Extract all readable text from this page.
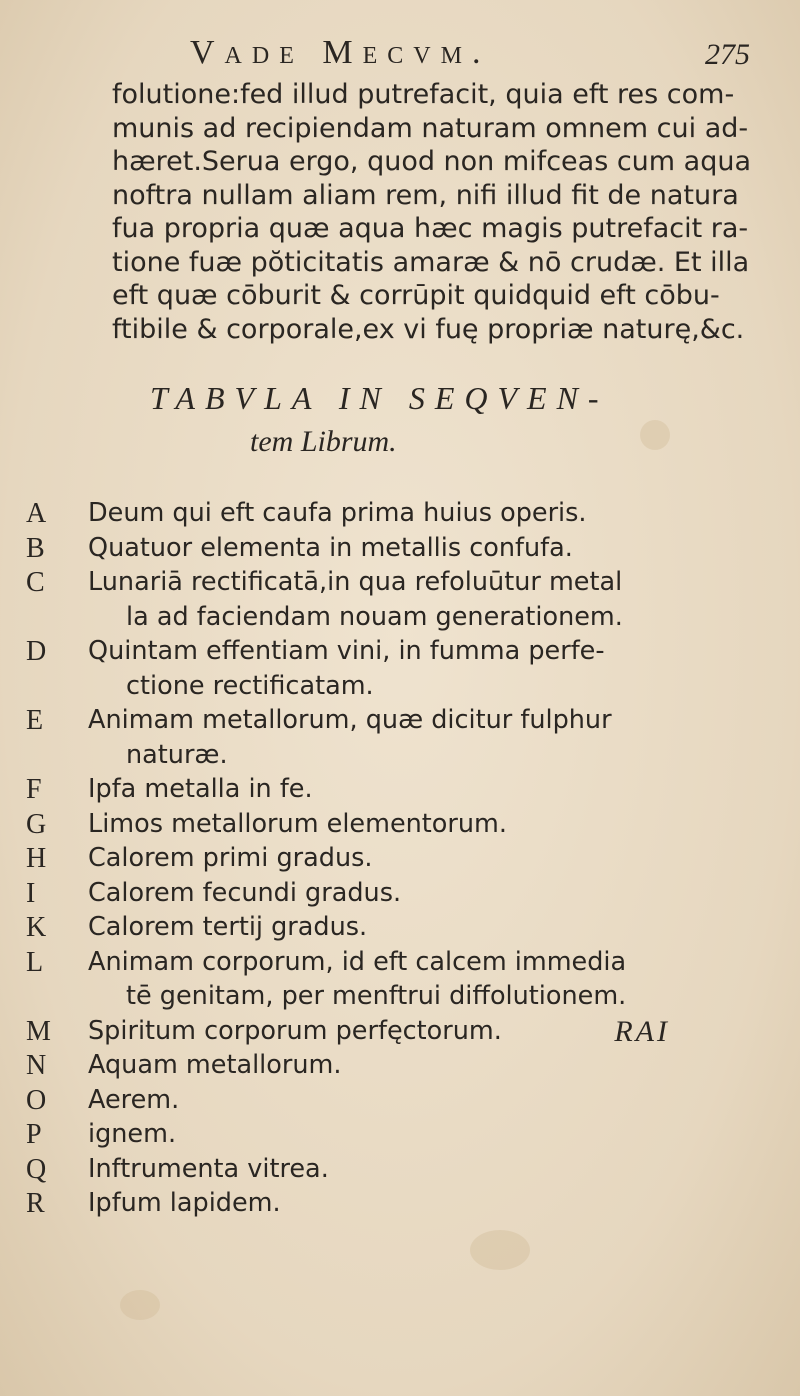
Vade Mecvm.	275
folutione:fed illud putrefacit, quia eft res com-
munis ad recipiendam naturam omnem cui ad-
hæret.Serua ergo, quod non mifceas cum aqua
noftra nullam aliam rem, nifi illud fit de natura
fua propria quæ aqua hæc magis putrefacit ra-
tione fuæ pŏticitatis amaræ & nō crudæ. Et illa
eft quæ cōburit & corrūpit quidquid eft cōbu-
ftibile & corporale,ex vi fuę propriæ naturę,&c.
TABVLA IN SEQVEN-
tem Librum.
A	Deum qui eft caufa prima huius operis.
B	Quatuor elementa in metallis confufa.
C	Lunariā rectificatā,in qua refoluūtur metal
la ad faciendam nouam generationem.
D	Quintam effentiam vini, in fumma perfe-
ctione rectificatam.
E	Animam metallorum, quæ dicitur fulphur
naturæ.
F	Ipfa metalla in fe.
G	Limos metallorum elementorum.
H	Calorem primi gradus.
I	Calorem fecundi gradus.
K	Calorem tertij gradus.
L	Animam corporum, id eft calcem immedia
tē genitam, per menftrui diffolutionem.
M	Spiritum corporum perfęctorum.
N	Aquam metallorum.
O	Aerem.
P	ignem.
Q	Inftrumenta vitrea.
R	Ipfum lapidem.
RAI
